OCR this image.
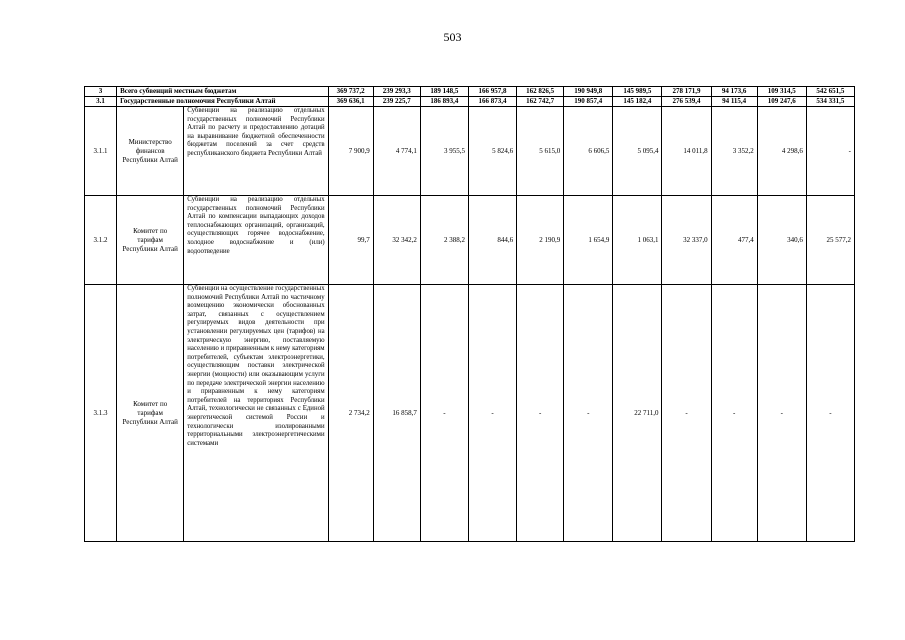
503
3	Всего субвенций местным бюджетам		369 737,2	239 293,3	189 148,5	166 957,8	162 826,5	190 949,8	145 989,5	278 171,9	94 173,6	109 314,5	542 651,5
3.1	Государственные полномочия Республики Алтай		369 636,1	239 225,7	186 893,4	166 873,4	162 742,7	190 857,4	145 182,4	276 539,4	94 115,4	109 247,6	534 331,5
3.1.1	Министерство финансов Республики Алтай	Субвенции на реализацию отдельных государственных полномочий Республики Алтай по расчету и предоставлению дотаций на выравнивание бюджетной обеспеченности бюджетам поселений за счет средств республиканского бюджета Республики Алтай	7 900,9	4 774,1	3 955,5	5 824,6	5 615,0	6 606,5	5 095,4	14 011,8	3 352,2	4 298,6	-
3.1.2	Комитет по тарифам Республики Алтай	Субвенции на реализацию отдельных государственных полномочий Республики Алтай по компенсации выпадающих доходов теплоснабжающих организаций, организаций, осуществляющих горячее водоснабжение, холодное водоснабжение и (или) водоотведение	99,7	32 342,2	2 388,2	844,6	2 190,9	1 654,9	1 063,1	32 337,0	477,4	340,6	25 577,2
3.1.3	Комитет по тарифам Республики Алтай	Субвенции на осуществление государственных полномочий Республики Алтай по частичному возмещению экономически обоснованных затрат, связанных с осуществлением регулируемых видов деятельности при установлении регулируемых цен (тарифов) на электрическую энергию, поставляемую населению и приравненным к нему категориям потребителей, субъектам электроэнергетики, осуществляющим поставки электрической энергии (мощности) или оказывающим услуги по передаче электрической энергии населению и приравненным к нему категориям потребителей на территориях Республики Алтай, технологически не связанных с Единой энергетической системой России и технологически изолированными территориальными электроэнергетическими системами	2 734,2	16 858,7	-	-	-	-	22 711,0	-	-	-	-
